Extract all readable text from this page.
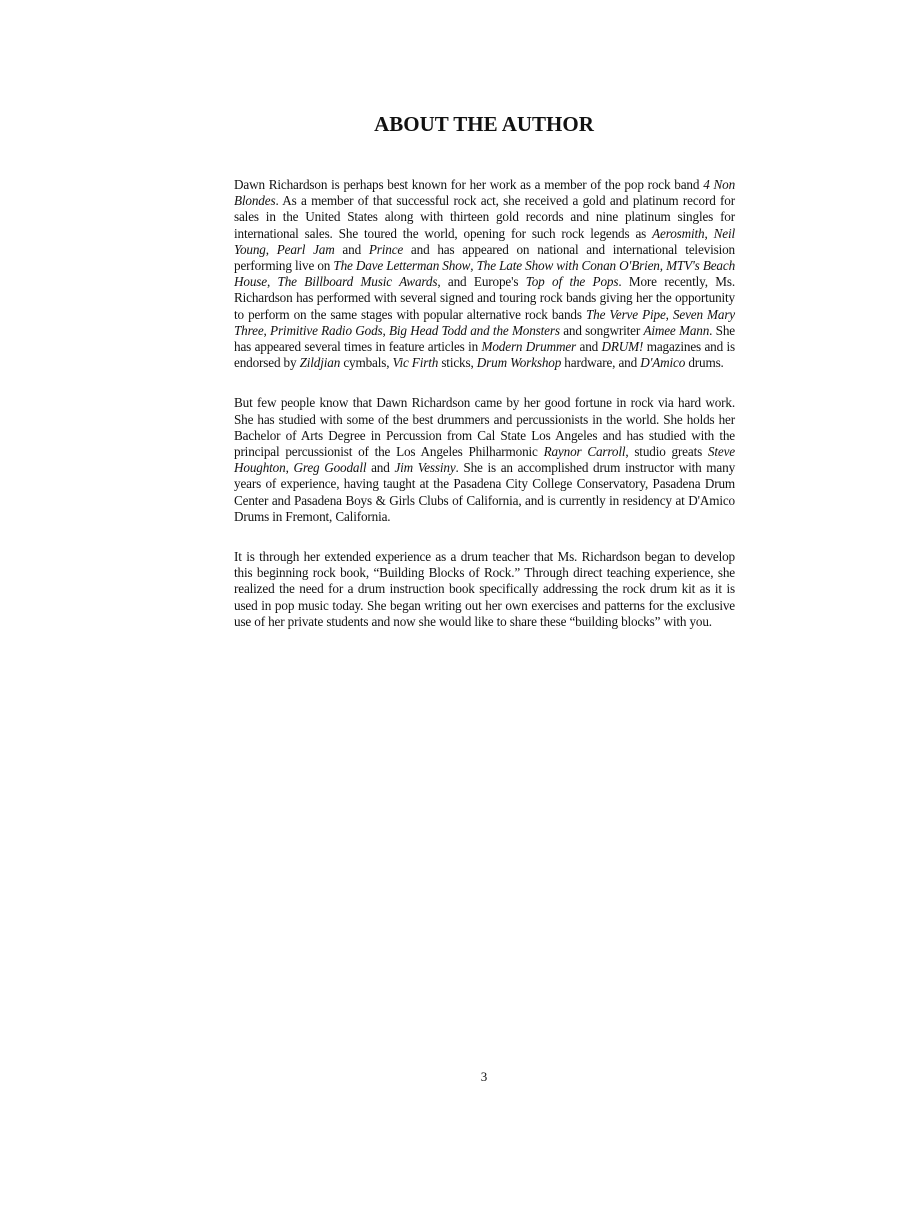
ABOUT THE AUTHOR

Dawn Richardson is perhaps best known for her work as a member of the pop rock band 4 Non Blondes. As a member of that successful rock act, she received a gold and platinum record for sales in the United States along with thirteen gold records and nine platinum singles for international sales. She toured the world, opening for such rock legends as Aerosmith, Neil Young, Pearl Jam and Prince and has appeared on national and international television performing live on The Dave Letterman Show, The Late Show with Conan O'Brien, MTV's Beach House, The Billboard Music Awards, and Europe's Top of the Pops. More recently, Ms. Richardson has performed with several signed and touring rock bands giving her the opportunity to perform on the same stages with popular alternative rock bands The Verve Pipe, Seven Mary Three, Primitive Radio Gods, Big Head Todd and the Monsters and songwriter Aimee Mann. She has appeared several times in feature articles in Modern Drummer and DRUM! magazines and is endorsed by Zildjian cymbals, Vic Firth sticks, Drum Workshop hardware, and D'Amico drums.

But few people know that Dawn Richardson came by her good fortune in rock via hard work. She has studied with some of the best drummers and percussionists in the world. She holds her Bachelor of Arts Degree in Percussion from Cal State Los Angeles and has studied with the principal percussionist of the Los Angeles Philharmonic Raynor Carroll, studio greats Steve Houghton, Greg Goodall and Jim Vessiny. She is an accomplished drum instructor with many years of experience, having taught at the Pasadena City College Conservatory, Pasadena Drum Center and Pasadena Boys & Girls Clubs of California, and is currently in residency at D'Amico Drums in Fremont, California.

It is through her extended experience as a drum teacher that Ms. Richardson began to develop this beginning rock book, “Building Blocks of Rock.” Through direct teaching experience, she realized the need for a drum instruction book specifically addressing the rock drum kit as it is used in pop music today. She began writing out her own exercises and patterns for the exclusive use of her private students and now she would like to share these “building blocks” with you.

3
